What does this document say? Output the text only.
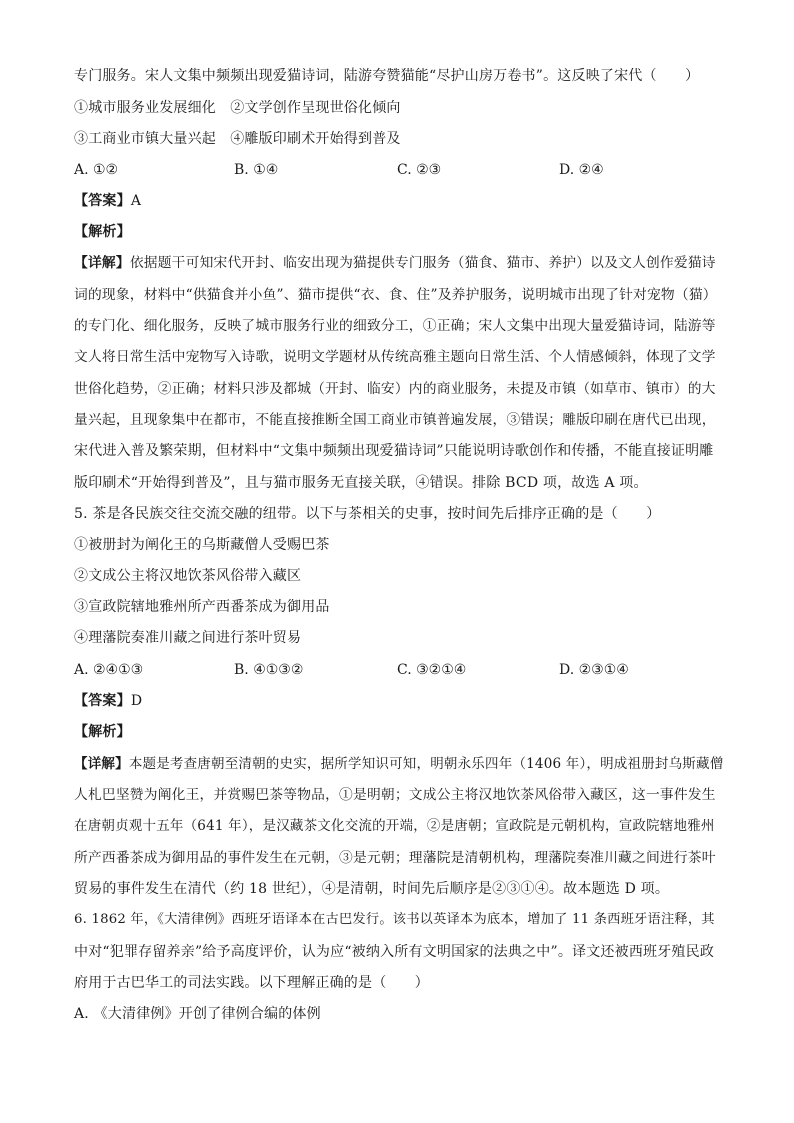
专门服务。宋人文集中频频出现爱猫诗词，陆游夸赞猫能“尽护山房万卷书”。这反映了宋代（　　）
①城市服务业发展细化　②文学创作呈现世俗化倾向
③工商业市镇大量兴起　④雕版印刷术开始得到普及
A. ①②	B. ①④	C. ②③	D. ②④
【答案】A
【解析】
【详解】依据题干可知宋代开封、临安出现为猫提供专门服务（猫食、猫市、养护）以及文人创作爱猫诗
词的现象，材料中“供猫食并小鱼”、猫市提供“衣、食、住”及养护服务，说明城市出现了针对宠物（猫）
的专门化、细化服务，反映了城市服务行业的细致分工，①正确；宋人文集中出现大量爱猫诗词，陆游等
文人将日常生活中宠物写入诗歌，说明文学题材从传统高雅主题向日常生活、个人情感倾斜，体现了文学
世俗化趋势，②正确；材料只涉及都城（开封、临安）内的商业服务，未提及市镇（如草市、镇市）的大
量兴起，且现象集中在都市，不能直接推断全国工商业市镇普遍发展，③错误；雕版印刷在唐代已出现，
宋代进入普及繁荣期，但材料中“文集中频频出现爱猫诗词”只能说明诗歌创作和传播，不能直接证明雕
版印刷术“开始得到普及”，且与猫市服务无直接关联，④错误。排除 BCD 项，故选 A 项。
5. 茶是各民族交往交流交融的纽带。以下与茶相关的史事，按时间先后排序正确的是（　　）
①被册封为阐化王的乌斯藏僧人受赐巴茶
②文成公主将汉地饮茶风俗带入藏区
③宣政院辖地雅州所产西番茶成为御用品
④理藩院奏准川藏之间进行茶叶贸易
A. ②④①③	B. ④①③②	C. ③②①④	D. ②③①④
【答案】D
【解析】
【详解】本题是考查唐朝至清朝的史实，据所学知识可知，明朝永乐四年（1406 年），明成祖册封乌斯藏僧
人札巴坚赞为阐化王，并赏赐巴茶等物品，①是明朝；文成公主将汉地饮茶风俗带入藏区，这一事件发生
在唐朝贞观十五年（641 年），是汉藏茶文化交流的开端，②是唐朝；宣政院是元朝机构，宣政院辖地雅州
所产西番茶成为御用品的事件发生在元朝，③是元朝；理藩院是清朝机构，理藩院奏准川藏之间进行茶叶
贸易的事件发生在清代（约 18 世纪），④是清朝，时间先后顺序是②③①④。故本题选 D 项。
6. 1862 年，《大清律例》西班牙语译本在古巴发行。该书以英译本为底本，增加了 11 条西班牙语注释，其
中对“犯罪存留养亲”给予高度评价，认为应“被纳入所有文明国家的法典之中”。译文还被西班牙殖民政
府用于古巴华工的司法实践。以下理解正确的是（　　）
A. 《大清律例》开创了律例合编的体例
